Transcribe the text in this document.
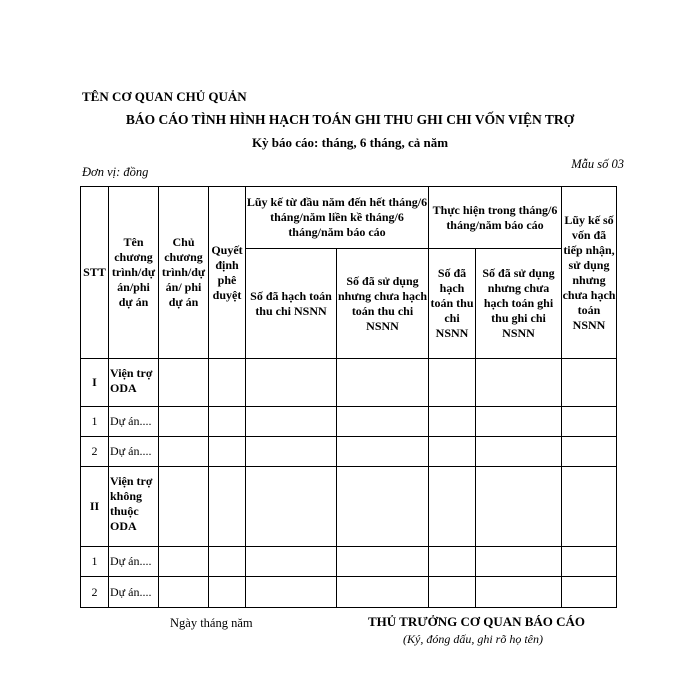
TÊN CƠ QUAN CHỦ QUẢN
BÁO CÁO TÌNH HÌNH HẠCH TOÁN GHI THU GHI CHI VỐN VIỆN TRỢ
Kỳ báo cáo: tháng, 6 tháng, cả năm
Đơn vị: đồng
Mẫu số 03
STT	Tên chương trình/dự án/phi dự án	Chủ chương trình/dự án/ phi dự án	Quyết định phê duyệt	Lũy kế từ đầu năm đến hết tháng/6 tháng/năm liền kề tháng/6 tháng/năm báo cáo		Thực hiện trong tháng/6 tháng/năm báo cáo		Lũy kế số vốn đã tiếp nhận, sử dụng nhưng chưa hạch toán NSNN
				Số đã hạch toán thu chi NSNN	Số đã sử dụng nhưng chưa hạch toán thu chi NSNN	Số đã hạch toán thu chi NSNN	Số đã sử dụng nhưng chưa hạch toán ghi thu ghi chi NSNN	
I	Viện trợ ODA							
1	Dự án....							
2	Dự án....							
II	Viện trợ không thuộc ODA							
1	Dự án....							
2	Dự án....							
Ngày tháng năm	THỦ TRƯỞNG CƠ QUAN BÁO CÁO
(Ký, đóng dấu, ghi rõ họ tên)
